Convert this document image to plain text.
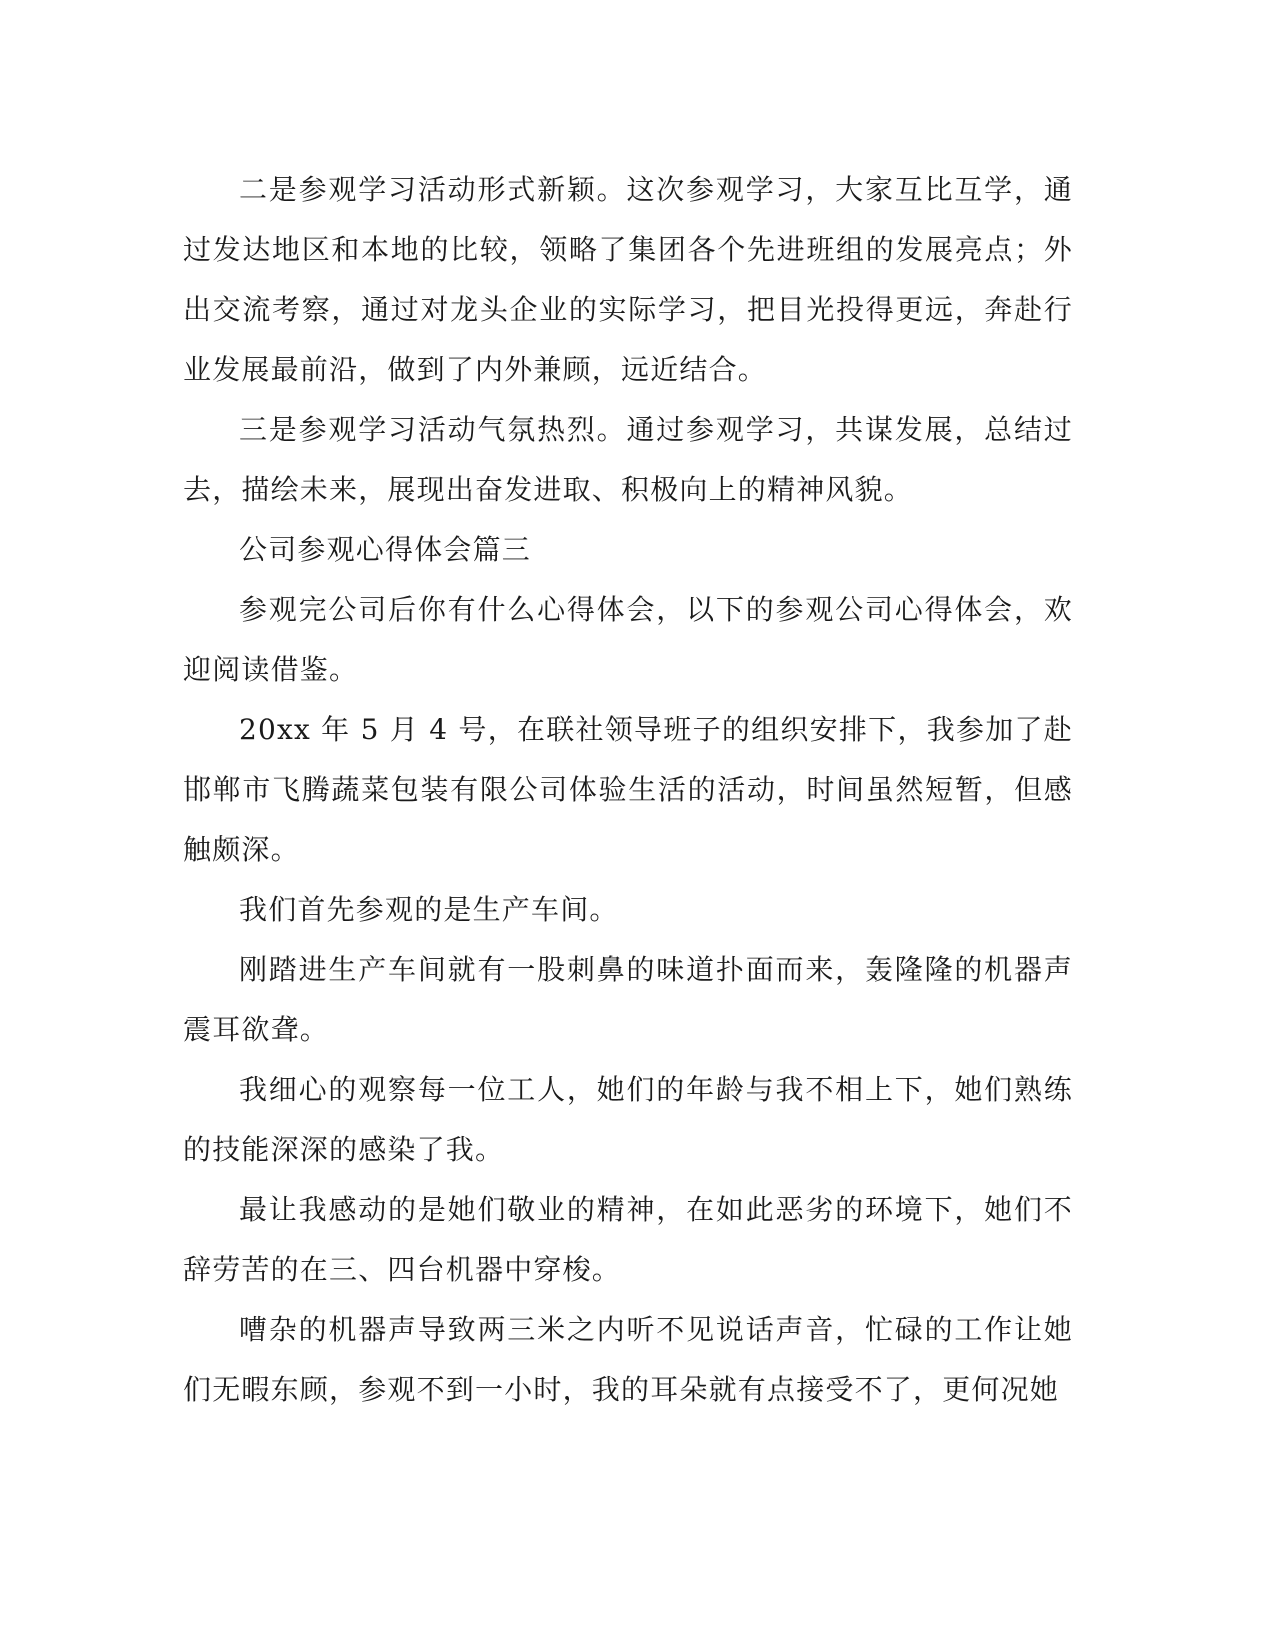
二是参观学习活动形式新颖。这次参观学习，大家互比互学，通过发达地区和本地的比较，领略了集团各个先进班组的发展亮点；外出交流考察，通过对龙头企业的实际学习，把目光投得更远，奔赴行业发展最前沿，做到了内外兼顾，远近结合。

三是参观学习活动气氛热烈。通过参观学习，共谋发展，总结过去，描绘未来，展现出奋发进取、积极向上的精神风貌。

公司参观心得体会篇三

参观完公司后你有什么心得体会，以下的参观公司心得体会，欢迎阅读借鉴。

20xx 年 5 月 4 号，在联社领导班子的组织安排下，我参加了赴邯郸市飞腾蔬菜包装有限公司体验生活的活动，时间虽然短暂，但感触颇深。

我们首先参观的是生产车间。

刚踏进生产车间就有一股刺鼻的味道扑面而来，轰隆隆的机器声震耳欲聋。

我细心的观察每一位工人，她们的年龄与我不相上下，她们熟练的技能深深的感染了我。

最让我感动的是她们敬业的精神，在如此恶劣的环境下，她们不辞劳苦的在三、四台机器中穿梭。

嘈杂的机器声导致两三米之内听不见说话声音，忙碌的工作让她们无暇东顾，参观不到一小时，我的耳朵就有点接受不了，更何况她
